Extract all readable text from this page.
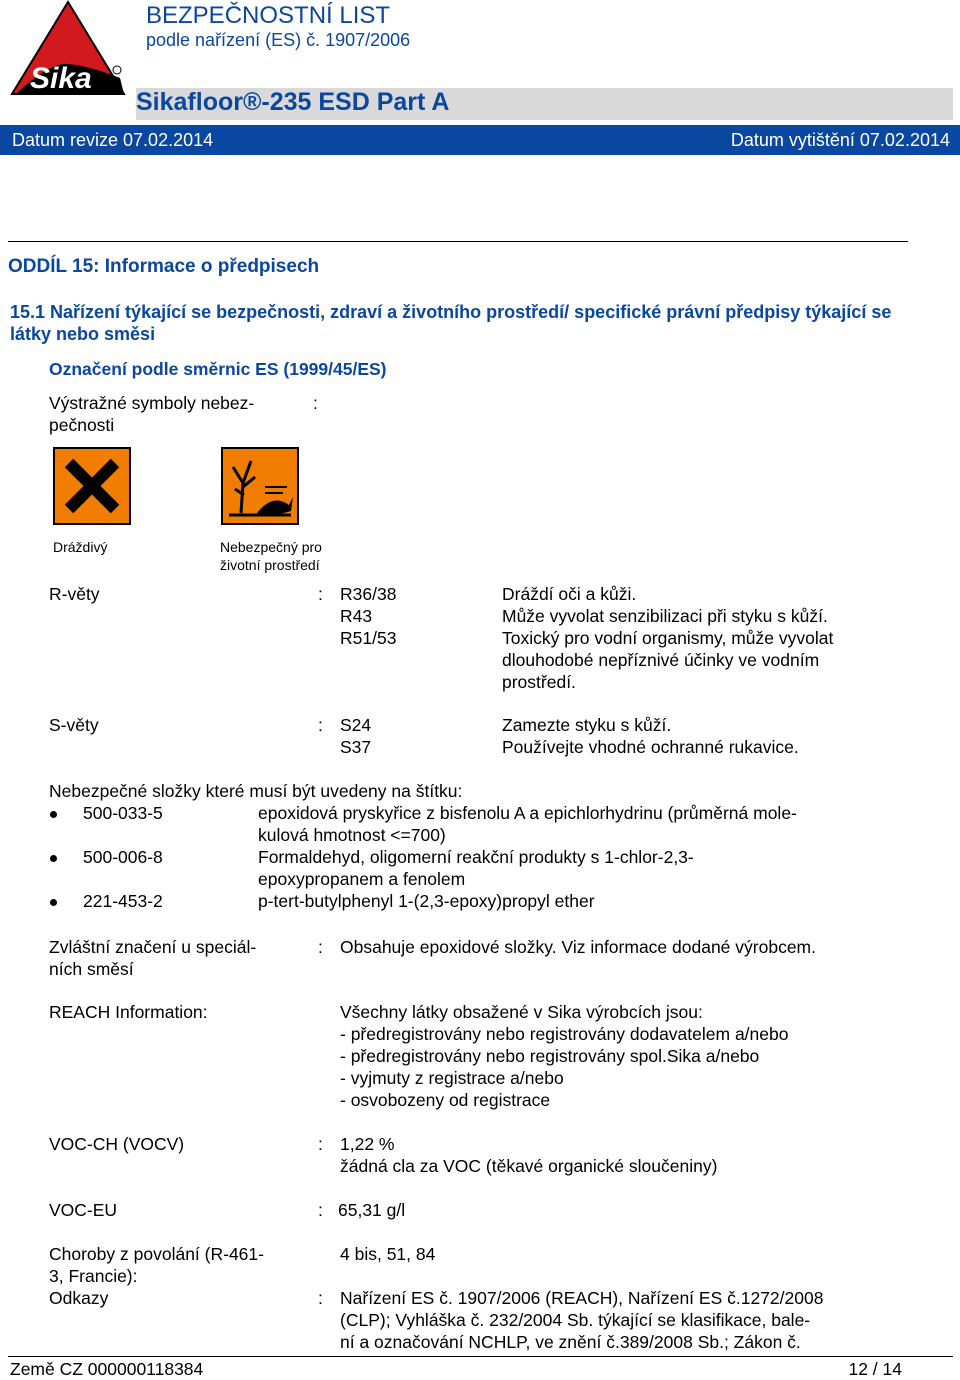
Sika
BEZPEČNOSTNÍ LIST
podle nařízení (ES) č. 1907/2006
Sikafloor®-235 ESD Part A
Datum revize 07.02.2014	Datum vytištění 07.02.2014
ODDÍL 15: Informace o předpisech
15.1 Nařízení týkající se bezpečnosti, zdraví a životního prostředí/ specifické právní předpisy týkající se látky nebo směsi
Označení podle směrnic ES (1999/45/ES)
Výstražné symboly nebez-
pečnosti
:
Dráždivý	Nebezpečný pro
životní prostředí
R-věty	: R36/38	Dráždí oči a kůži.
R43	Může vyvolat senzibilizaci při styku s kůží.
R51/53	Toxický pro vodní organismy, může vyvolat
dlouhodobé nepříznivé účinky ve vodním
prostředí.
S-věty	: S24	Zamezte styku s kůží.
S37	Používejte vhodné ochranné rukavice.
Nebezpečné složky které musí být uvedeny na štítku:
500-033-5	epoxidová pryskyřice z bisfenolu A a epichlorhydrinu (průměrná mole-
kulová hmotnost <=700)
500-006-8	Formaldehyd, oligomerní reakční produkty s 1-chlor-2,3-
epoxypropanem a fenolem
221-453-2	p-tert-butylphenyl 1-(2,3-epoxy)propyl ether
Zvláštní značení u speciál-
ních směsí
: Obsahuje epoxidové složky. Viz informace dodané výrobcem.
REACH Information:	Všechny látky obsažené v Sika výrobcích jsou:
- předregistrovány nebo registrovány dodavatelem a/nebo
- předregistrovány nebo registrovány spol.Sika a/nebo
- vyjmuty z registrace a/nebo
- osvobozeny od registrace
VOC-CH (VOCV)	: 1,22 %
žádná cla za VOC (těkavé organické sloučeniny)
VOC-EU	: 65,31 g/l
Choroby z povolání (R-461-
3, Francie):
4 bis, 51, 84
Odkazy	: Nařízení ES č. 1907/2006 (REACH), Nařízení ES č.1272/2008
(CLP); Vyhláška č. 232/2004 Sb. týkající se klasifikace, bale-
ní a označování NCHLP, ve znění č.389/2008 Sb.; Zákon č.
Země CZ 000000118384	12 / 14
